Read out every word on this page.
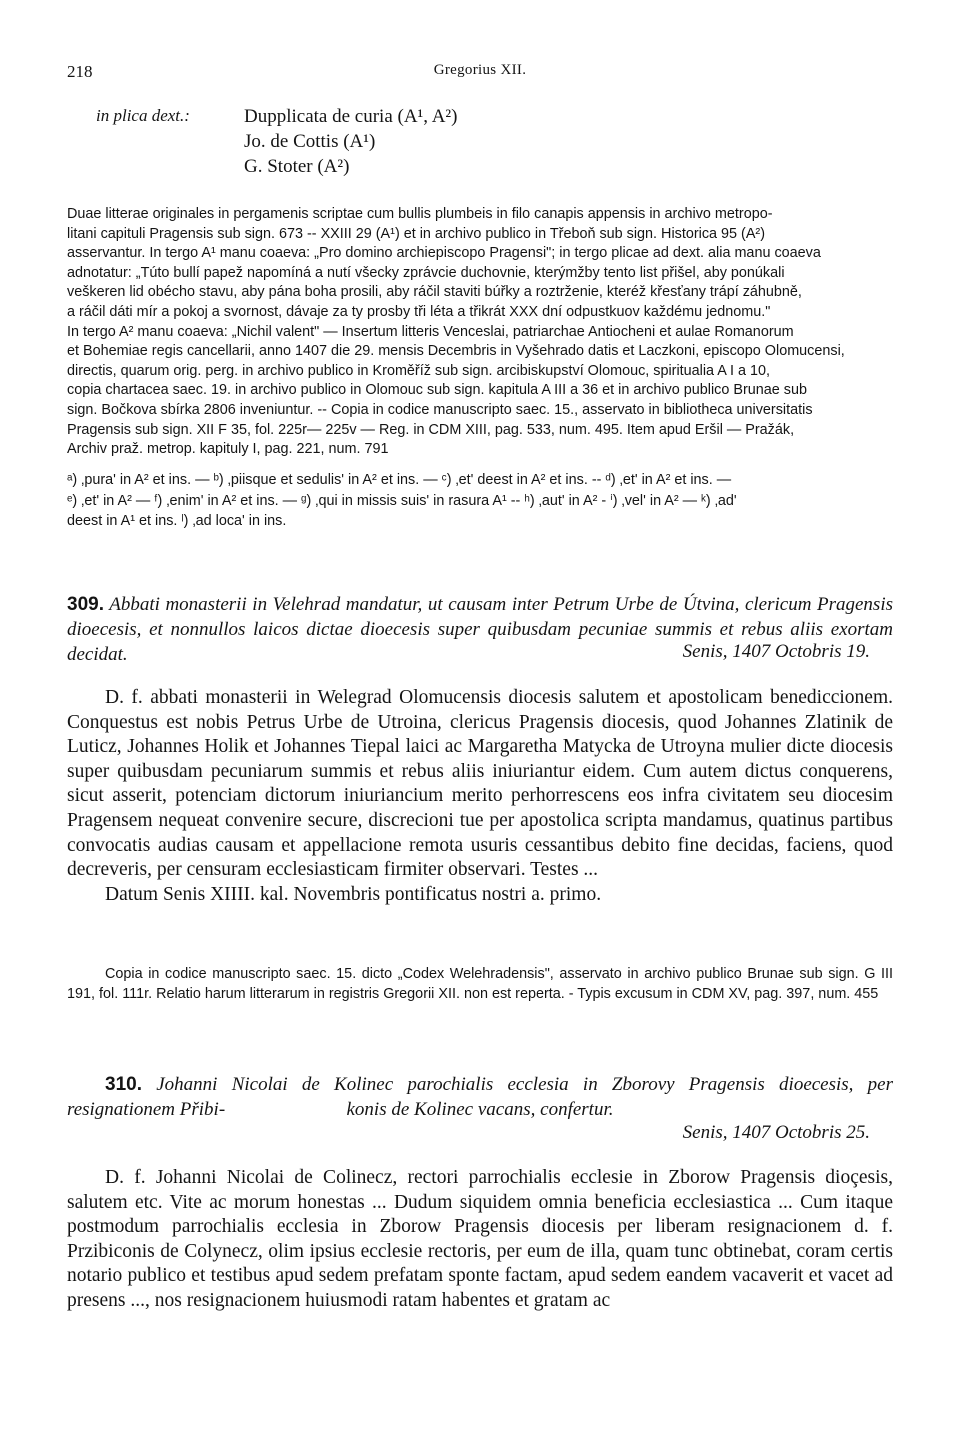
218	Gregorius XII.
in plica dext.:	Dupplicata de curia (A¹, A²)
Jo. de Cottis (A¹)
G. Stoter (A²)

Duae litterae originales in pergamenis scriptae cum bullis plumbeis in filo canapis appensis in archivo metropo-

litani capituli Pragensis sub sign. 673 -- XXIII 29 (A¹) et in archivo publico in Třeboň sub sign. Historica 95 (A²)

asservantur. In tergo A¹ manu coaeva: „Pro domino archiepiscopo Pragensi"; in tergo plicae ad dext. alia manu coaeva

adnotatur: „Túto bullí papež napomíná a nutí všecky zprávcie duchovnie, kterýmžby tento list přišel, aby ponúkali

veškeren lid obécho stavu, aby pána boha prosili, aby ráčil staviti búřky a roztrženie, kteréž křesťany trápí záhubně,

a ráčil dáti mír a pokoj a svornost, dávaje za ty prosby tři léta a třikrát XXX dní odpustkuov každému jednomu."

In tergo A² manu coaeva: „Nichil valent" — Insertum litteris Venceslai, patriarchae Antiocheni et aulae Romanorum

et Bohemiae regis cancellarii, anno 1407 die 29. mensis Decembris in Vyšehrado datis et Laczkoni, episcopo Olomucensi,

directis, quarum orig. perg. in archivo publico in Kroměříž sub sign. arcibiskupství Olomouc, spiritualia A I a 10,

copia chartacea saec. 19. in archivo publico in Olomouc sub sign. kapitula A III a 36 et in archivo publico Brunae sub

sign. Bočkova sbírka 2806 inveniuntur. -- Copia in codice manuscripto saec. 15., asservato in bibliotheca universitatis

Pragensis sub sign. XII F 35, fol. 225r— 225v — Reg. in CDM XIII, pag. 533, num. 495. Item apud Eršil — Pražák,

Archiv praž. metrop. kapituly I, pag. 221, num. 791

ᵃ) ‚pura' in A² et ins. — ᵇ) ‚piisque et sedulis' in A² et ins. — ᶜ) ‚et' deest in A² et ins. -- ᵈ) ‚et' in A² et ins. —

ᵉ) ‚et' in A² — ᶠ) ‚enim' in A² et ins. — ᵍ) ‚qui in missis suis' in rasura A¹ -- ʰ) ‚aut' in A² - ⁱ) ‚vel' in A² — ᵏ) ‚ad'

deest in A¹ et ins. ˡ) ‚ad loca' in ins.

309. Abbati monasterii in Velehrad mandatur, ut causam inter Petrum Urbe de Útvina, clericum Pragensis dioecesis, et nonnullos laicos dictae dioecesis super quibusdam pecuniae summis et rebus aliis exortam decidat.	Senis, 1407 Octobris 19.

D. f. abbati monasterii in Welegrad Olomucensis diocesis salutem et apostolicam benediccionem. Conquestus est nobis Petrus Urbe de Utroina, clericus Pragensis diocesis, quod Johannes Zlatinik de Luticz, Johannes Holik et Johannes Tiepal laici ac Margaretha Matycka de Utroyna mulier dicte diocesis super quibusdam pecuniarum summis et rebus aliis iniuriantur eidem. Cum autem dictus conquerens, sicut asserit, potenciam dictorum iniuriancium merito perhorrescens eos infra civitatem seu diocesim Pragensem nequeat convenire secure, discrecioni tue per apostolica scripta mandamus, quatinus partibus convocatis audias causam et appellacione remota usuris cessantibus debito fine decidas, faciens, quod decreveris, per censuram ecclesiasticam firmiter observari. Testes ...

Datum Senis XIIII. kal. Novembris pontificatus nostri a. primo.

Copia in codice manuscripto saec. 15. dicto „Codex Welehradensis", asservato in archivo publico Brunae sub sign. G III 191, fol. 111r. Relatio harum litterarum in registris Gregorii XII. non est reperta. - Typis excusum in CDM XV, pag. 397, num. 455

310. Johanni Nicolai de Kolinec parochialis ecclesia in Zborovy Pragensis dioecesis, per resignationem Přibi-	konis de Kolinec vacans, confertur.
Senis, 1407 Octobris 25.

D. f. Johanni Nicolai de Colinecz, rectori parrochialis ecclesie in Zborow Pragensis dioçesis, salutem etc. Vite ac morum honestas ... Dudum siquidem omnia beneficia ecclesiastica ... Cum itaque postmodum parrochialis ecclesia in Zborow Pragensis diocesis per liberam resignacionem d. f. Przibiconis de Colynecz, olim ipsius ecclesie rectoris, per eum de illa, quam tunc obtinebat, coram certis notario publico et testibus apud sedem prefatam sponte factam, apud sedem eandem vacaverit et vacet ad presens ..., nos resignacionem huiusmodi ratam habentes et gratam ac
